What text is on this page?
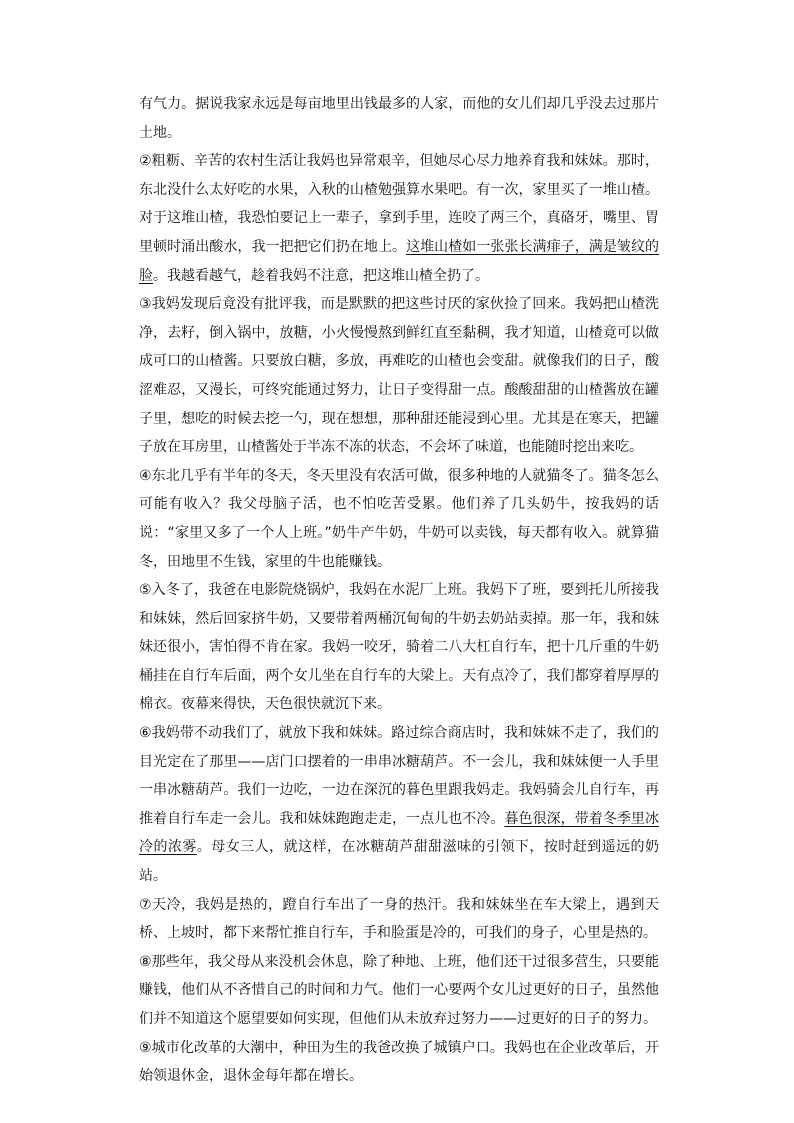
有气力。据说我家永远是每亩地里出钱最多的人家，而他的女儿们却几乎没去过那片土地。

②粗粝、辛苦的农村生活让我妈也异常艰辛，但她尽心尽力地养育我和妹妹。那时，东北没什么太好吃的水果，入秋的山楂勉强算水果吧。有一次，家里买了一堆山楂。对于这堆山楂，我恐怕要记上一辈子，拿到手里，连咬了两三个，真硌牙，嘴里、胃里顿时涌出酸水，我一把把它们扔在地上。这堆山楂如一张张长满痱子，满是皱纹的脸。我越看越气，趁着我妈不注意，把这堆山楂全扔了。

③我妈发现后竟没有批评我，而是默默的把这些讨厌的家伙捡了回来。我妈把山楂洗净，去籽，倒入锅中，放糖，小火慢慢熬到鲜红直至黏稠，我才知道，山楂竟可以做成可口的山楂酱。只要放白糖，多放，再难吃的山楂也会变甜。就像我们的日子，酸涩难忍，又漫长，可终究能通过努力，让日子变得甜一点。酸酸甜甜的山楂酱放在罐子里，想吃的时候去挖一勺，现在想想，那种甜还能浸到心里。尤其是在寒天，把罐子放在耳房里，山楂酱处于半冻不冻的状态，不会坏了味道，也能随时挖出来吃。

④东北几乎有半年的冬天，冬天里没有农活可做，很多种地的人就猫冬了。猫冬怎么可能有收入？我父母脑子活，也不怕吃苦受累。他们养了几头奶牛，按我妈的话说：“家里又多了一个人上班。”奶牛产牛奶，牛奶可以卖钱，每天都有收入。就算猫冬，田地里不生钱，家里的牛也能赚钱。

⑤入冬了，我爸在电影院烧锅炉，我妈在水泥厂上班。我妈下了班，要到托儿所接我和妹妹，然后回家挤牛奶，又要带着两桶沉甸甸的牛奶去奶站卖掉。那一年，我和妹妹还很小，害怕得不肯在家。我妈一咬牙，骑着二八大杠自行车，把十几斤重的牛奶桶挂在自行车后面，两个女儿坐在自行车的大梁上。天有点冷了，我们都穿着厚厚的棉衣。夜幕来得快，天色很快就沉下来。

⑥我妈带不动我们了，就放下我和妹妹。路过综合商店时，我和妹妹不走了，我们的目光定在了那里——店门口摆着的一串串冰糖葫芦。不一会儿，我和妹妹便一人手里一串冰糖葫芦。我们一边吃，一边在深沉的暮色里跟我妈走。我妈骑会儿自行车，再推着自行车走一会儿。我和妹妹跑跑走走，一点儿也不冷。暮色很深，带着冬季里冰冷的浓雾。母女三人，就这样，在冰糖葫芦甜甜滋味的引领下，按时赶到遥远的奶站。

⑦天冷，我妈是热的，蹬自行车出了一身的热汗。我和妹妹坐在车大梁上，遇到天桥、上坡时，都下来帮忙推自行车，手和脸蛋是冷的，可我们的身子，心里是热的。

⑧那些年，我父母从来没机会休息，除了种地、上班，他们还干过很多营生，只要能赚钱，他们从不吝惜自己的时间和力气。他们一心要两个女儿过更好的日子，虽然他们并不知道这个愿望要如何实现，但他们从未放弃过努力——过更好的日子的努力。

⑨城市化改革的大潮中，种田为生的我爸改换了城镇户口。我妈也在企业改革后，开始领退休金，退休金每年都在增长。
